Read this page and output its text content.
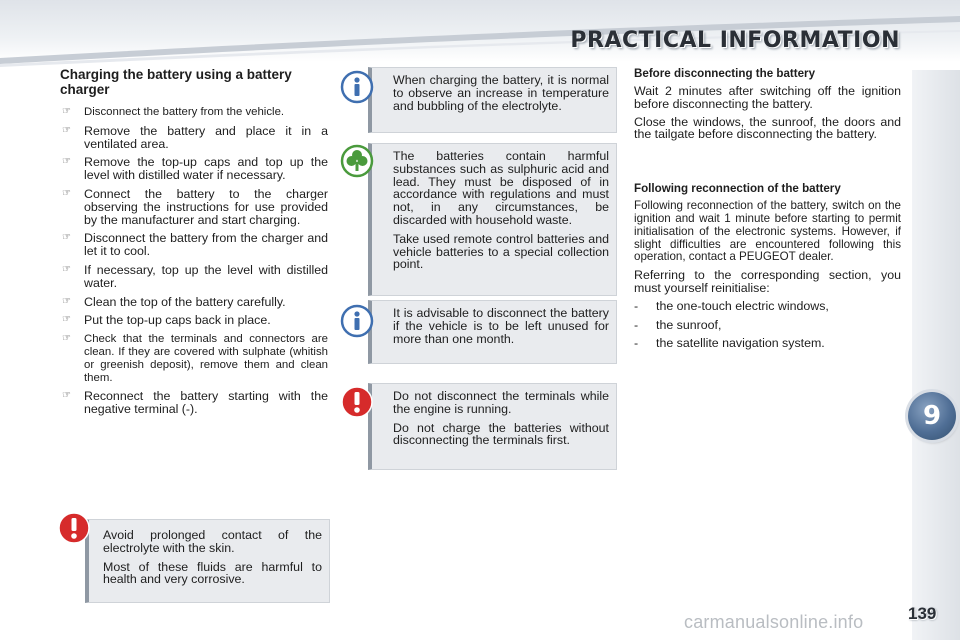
PRACTICAL INFORMATION
9
Charging the battery using a battery charger
☞ Disconnect the battery from the vehicle.
☞ Remove the battery and place it in a ventilated area.
☞ Remove the top-up caps and top up the level with distilled water if necessary.
☞ Connect the battery to the charger observing the instructions for use provided by the manufacturer and start charging.
☞ Disconnect the battery from the charger and let it to cool.
☞ If necessary, top up the level with distilled water.
☞ Clean the top of the battery carefully.
☞ Put the top-up caps back in place.
☞ Check that the terminals and connectors are clean. If they are covered with sulphate (whitish or greenish deposit), remove them and clean them.
☞ Reconnect the battery starting with the negative terminal (-).

When charging the battery, it is normal to observe an increase in temperature and bubbling of the electrolyte.

The batteries contain harmful substances such as sulphuric acid and lead. They must be disposed of in accordance with regulations and must not, in any circumstances, be discarded with household waste.

Take used remote control batteries and vehicle batteries to a special collection point.

It is advisable to disconnect the battery if the vehicle is to be left unused for more than one month.

Do not disconnect the terminals while the engine is running.

Do not charge the batteries without disconnecting the terminals first.

Avoid prolonged contact of the electrolyte with the skin.

Most of these fluids are harmful to health and very corrosive.

Before disconnecting the battery

Wait 2 minutes after switching off the ignition before disconnecting the battery.

Close the windows, the sunroof, the doors and the tailgate before disconnecting the battery.

Following reconnection of the battery

Following reconnection of the battery, switch on the ignition and wait 1 minute before starting to permit initialisation of the electronic systems. However, if slight difficulties are encountered following this operation, contact a PEUGEOT dealer.

Referring to the corresponding section, you must yourself reinitialise:

- the one-touch electric windows,
- the sunroof,
- the satellite navigation system.
carmanualsonline.info	139
